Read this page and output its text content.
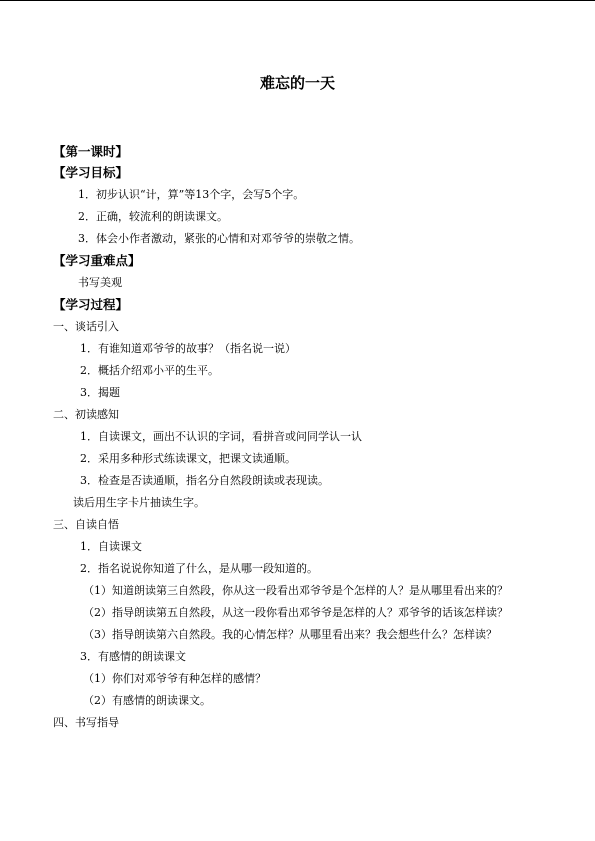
难忘的一天
【第一课时】
【学习目标】
1．初步认识“计，算”等13个字，会写5个字。
2．正确，较流利的朗读课文。
3．体会小作者激动，紧张的心情和对邓爷爷的崇敬之情。
【学习重难点】
书写美观
【学习过程】
一、谈话引入
1．有谁知道邓爷爷的故事？（指名说一说）
2．概括介绍邓小平的生平。
3．揭题
二、初读感知
1．自读课文，画出不认识的字词，看拼音或问同学认一认
2．采用多种形式练读课文，把课文读通顺。
3．检查是否读通顺，指名分自然段朗读或表现读。
读后用生字卡片抽读生字。
三、自读自悟
1．自读课文
2．指名说说你知道了什么，是从哪一段知道的。
（1）知道朗读第三自然段，你从这一段看出邓爷爷是个怎样的人？是从哪里看出来的？
（2）指导朗读第五自然段，从这一段你看出邓爷爷是怎样的人？邓爷爷的话该怎样读？
（3）指导朗读第六自然段。我的心情怎样？从哪里看出来？我会想些什么？怎样读？
3．有感情的朗读课文
（1）你们对邓爷爷有种怎样的感情？
（2）有感情的朗读课文。
四、书写指导
